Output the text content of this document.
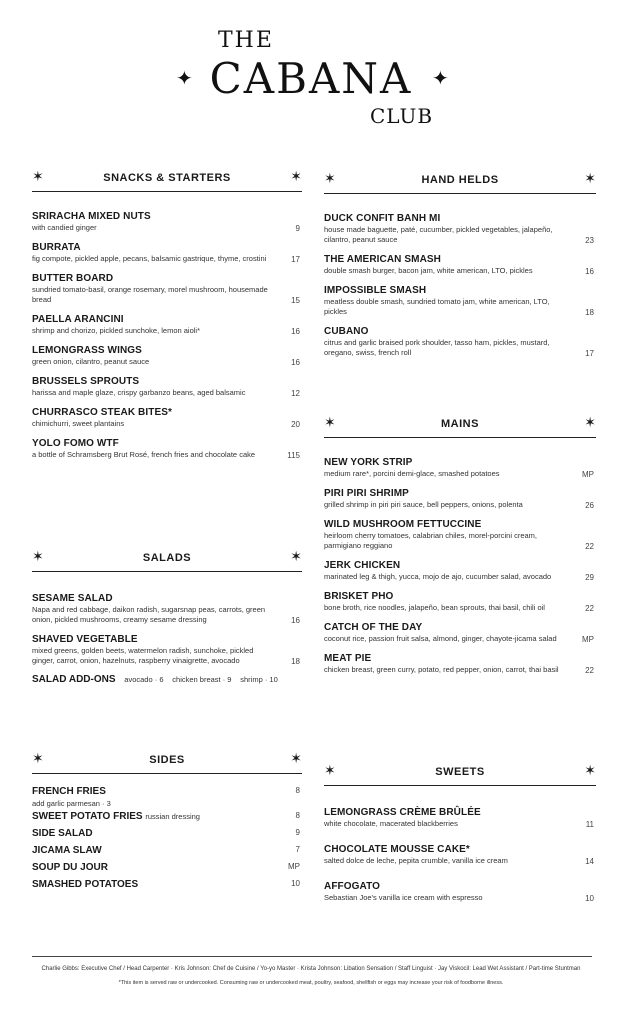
THE
✦ CABANA ✦
CLUB
✶	SNACKS & STARTERS	✶
SRIRACHA MIXED NUTS
with candied ginger	9
BURRATA
fig compote, pickled apple, pecans, balsamic gastrique, thyme, crostini	17
BUTTER BOARD
sundried tomato-basil, orange rosemary, morel mushroom, housemade bread	15
PAELLA ARANCINI
shrimp and chorizo, pickled sunchoke, lemon aioli*	16
LEMONGRASS WINGS
green onion, cilantro, peanut sauce	16
BRUSSELS SPROUTS
harissa and maple glaze, crispy garbanzo beans, aged balsamic	12
CHURRASCO STEAK BITES*
chimichurri, sweet plantains	20
YOLO FOMO WTF
a bottle of Schramsberg Brut Rosé, french fries and chocolate cake	115
✶	SALADS	✶
SESAME SALAD
Napa and red cabbage, daikon radish, sugarsnap peas, carrots, green onion, pickled mushrooms, creamy sesame dressing	16
SHAVED VEGETABLE
mixed greens, golden beets, watermelon radish, sunchoke, pickled ginger, carrot, onion, hazelnuts, raspberry vinaigrette, avocado	18
SALAD ADD-ONS avocado · 6 chicken breast · 9 shrimp · 10
✶	SIDES	✶
FRENCH FRIES	8
add garlic parmesan · 3
SWEET POTATO FRIES russian dressing	8
SIDE SALAD	9
JICAMA SLAW	7
SOUP DU JOUR	MP
SMASHED POTATOES	10
✶	HAND HELDS	✶
DUCK CONFIT BANH MI
house made baguette, paté, cucumber, pickled vegetables, jalapeño, cilantro, peanut sauce	23
THE AMERICAN SMASH
double smash burger, bacon jam, white american, LTO, pickles	16
IMPOSSIBLE SMASH
meatless double smash, sundried tomato jam, white american, LTO, pickles	18
CUBANO
citrus and garlic braised pork shoulder, tasso ham, pickles, mustard, oregano, swiss, french roll	17
✶	MAINS	✶
NEW YORK STRIP
medium rare*, porcini demi-glace, smashed potatoes	MP
PIRI PIRI SHRIMP
grilled shrimp in piri piri sauce, bell peppers, onions, polenta	26
WILD MUSHROOM FETTUCCINE
heirloom cherry tomatoes, calabrian chiles, morel-porcini cream, parmigiano reggiano	22
JERK CHICKEN
marinated leg & thigh, yucca, mojo de ajo, cucumber salad, avocado	29
BRISKET PHO
bone broth, rice noodles, jalapeño, bean sprouts, thai basil, chili oil	22
CATCH OF THE DAY
coconut rice, passion fruit salsa, almond, ginger, chayote-jicama salad	MP
MEAT PIE
chicken breast, green curry, potato, red pepper, onion, carrot, thai basil	22
✶	SWEETS	✶
LEMONGRASS CRÈME BRÛLÉE
white chocolate, macerated blackberries	11
CHOCOLATE MOUSSE CAKE*
salted dolce de leche, pepita crumble, vanilla ice cream	14
AFFOGATO
Sebastian Joe's vanilla ice cream with espresso	10
Charlie Gibbs: Executive Chef / Head Carpenter · Kris Johnson: Chef de Cuisine / Yo-yo Master · Krista Johnson: Libation Sensation / Staff Linguist · Jay Viskocil: Lead Wet Assistant / Part-time Stuntman
*This item is served raw or undercooked. Consuming raw or undercooked meat, poultry, seafood, shellfish or eggs may increase your risk of foodborne illness.
